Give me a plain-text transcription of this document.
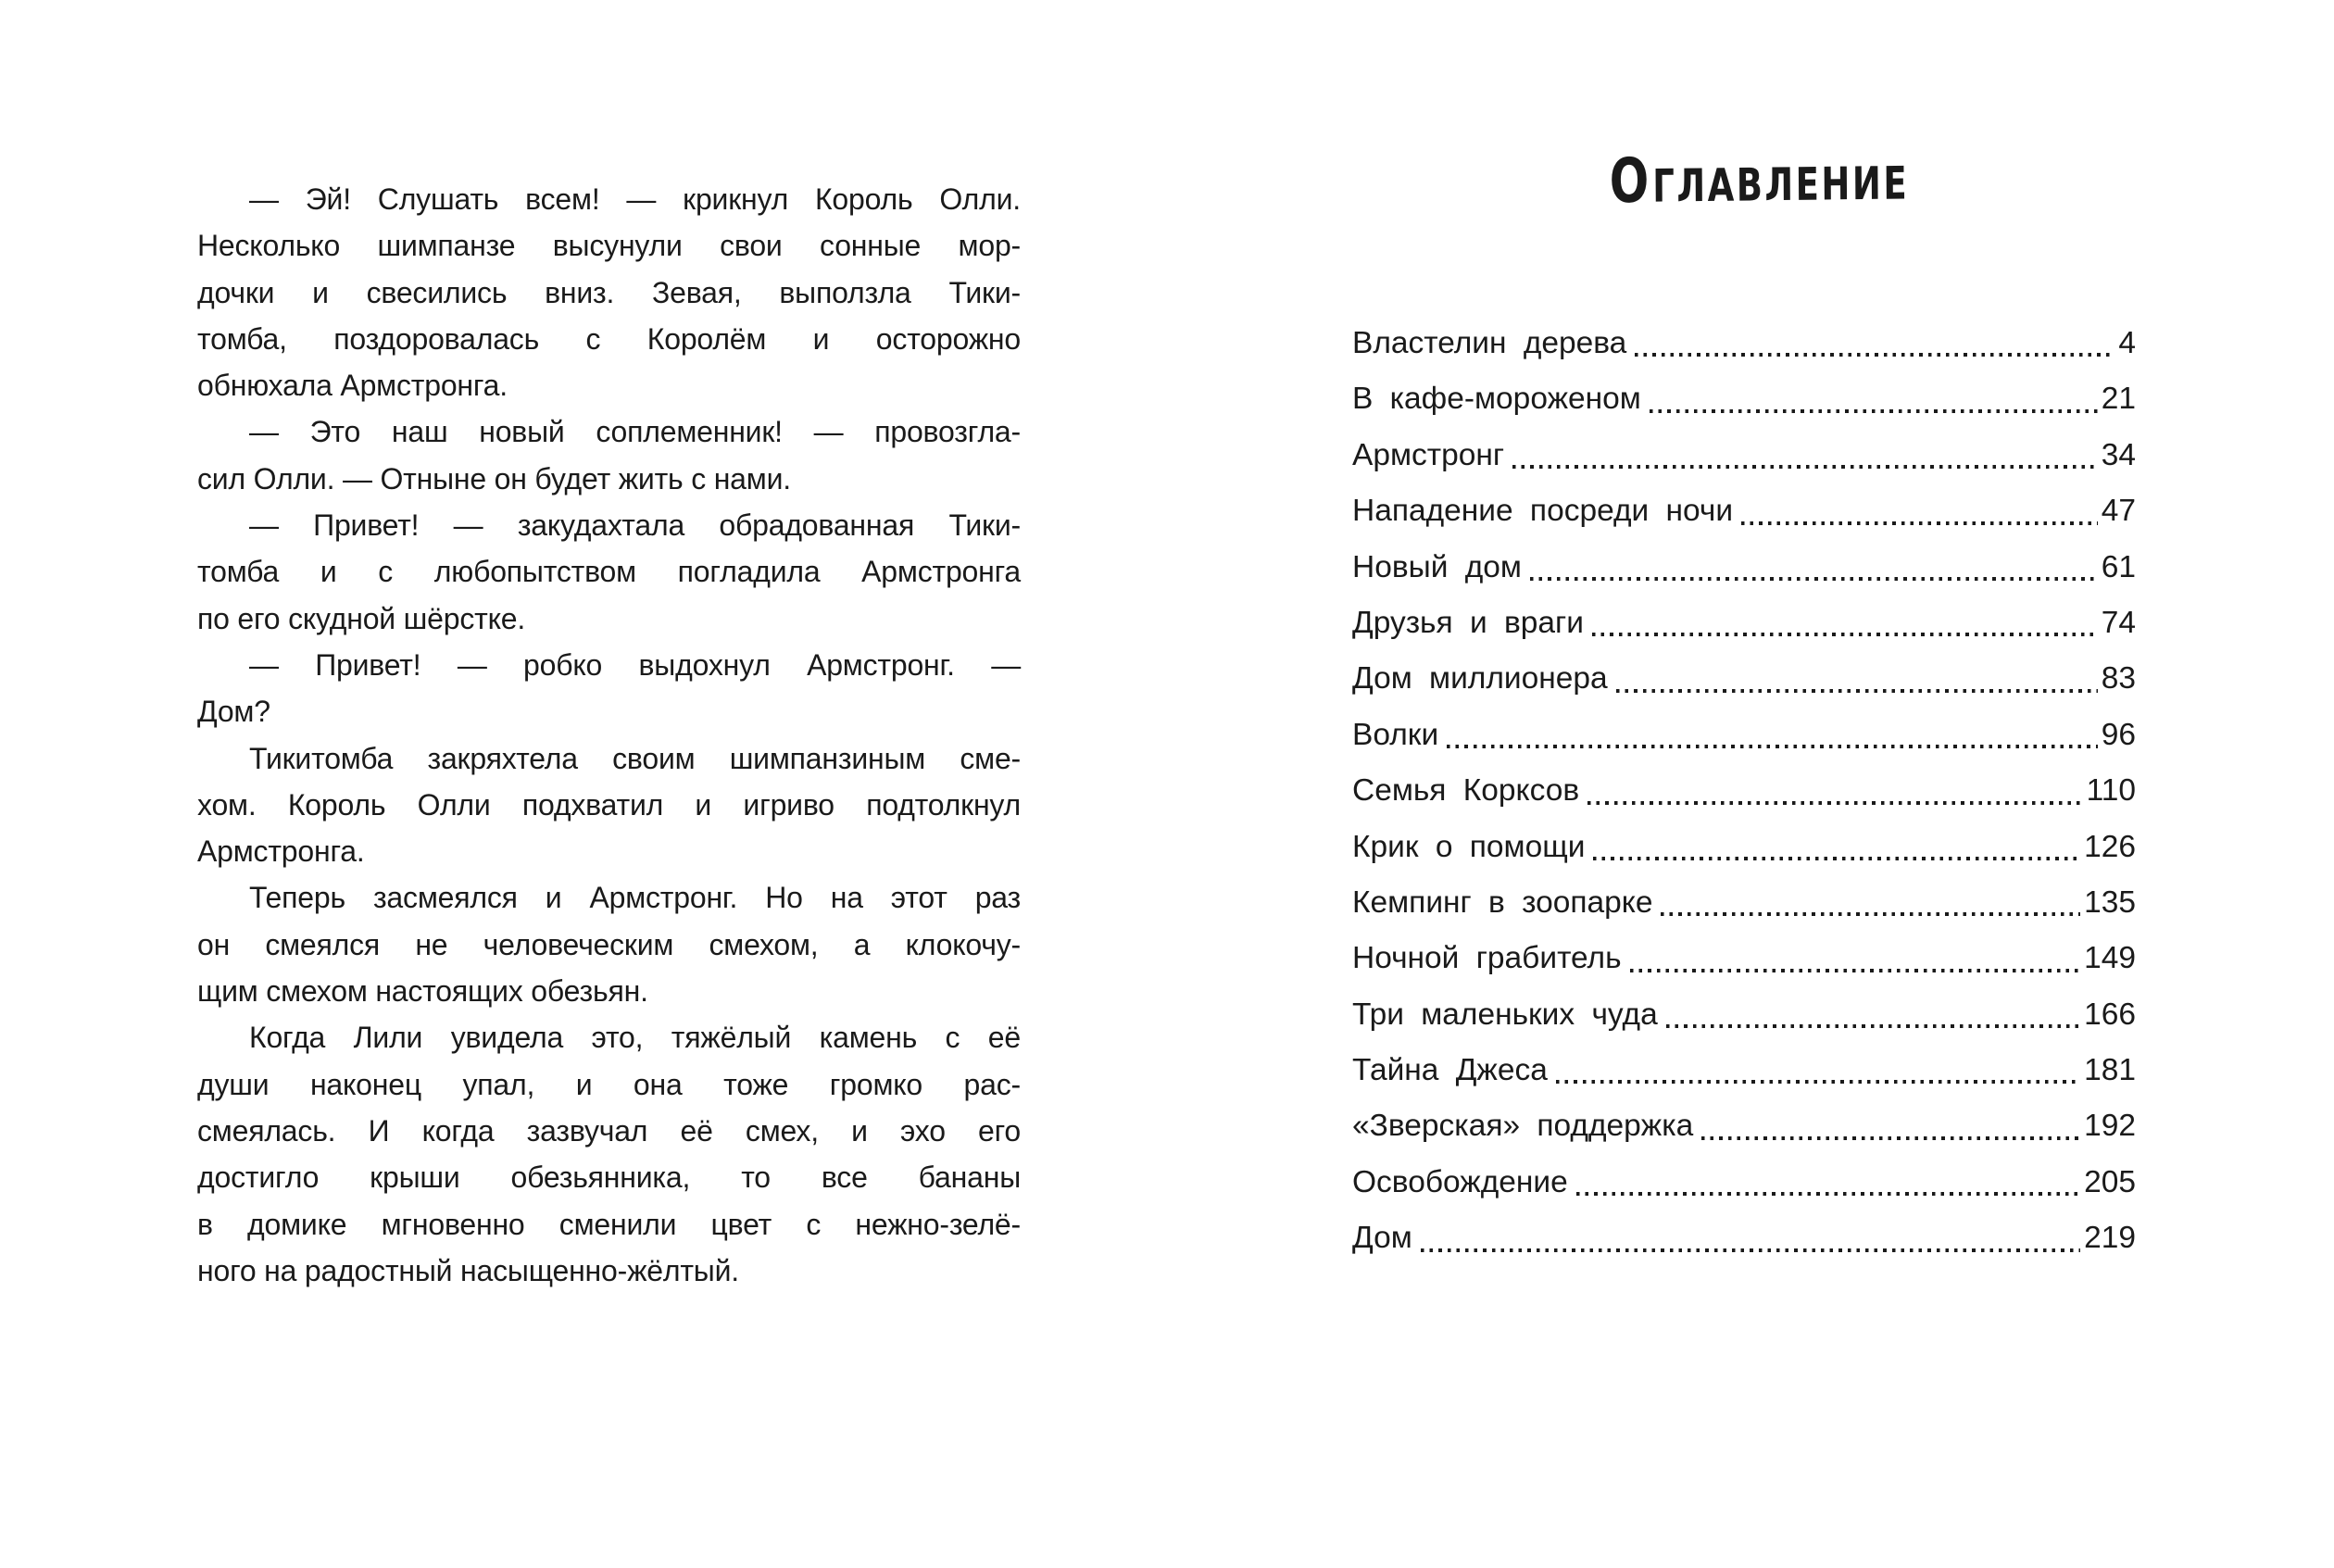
— Эй! Слушать всем! — крикнул Король Олли.
Несколько шимпанзе высунули свои сонные мор-
дочки и свесились вниз. Зевая, выползла Тики-
томба, поздоровалась с Королём и осторожно
обнюхала Армстронга.
— Это наш новый соплеменник! — провозгла-
сил Олли. — Отныне он будет жить с нами.
— Привет! — закудахтала обрадованная Тики-
томба и с любопытством погладила Армстронга
по его скудной шёрстке.
— Привет! — робко выдохнул Армстронг. —
Дом?
Тикитомба закряхтела своим шимпанзиным сме-
хом. Король Олли подхватил и игриво подтолкнул
Армстронга.
Теперь засмеялся и Армстронг. Но на этот раз
он смеялся не человеческим смехом, а клокочу-
щим смехом настоящих обезьян.
Когда Лили увидела это, тяжёлый камень с её
души наконец упал, и она тоже громко рас-
смеялась. И когда зазвучал её смех, и эхо его
достигло крыши обезьянника, то все бананы
в домике мгновенно сменили цвет с нежно-зелё-
ного на радостный насыщенно-жёлтый.
ОГЛАВЛЕНИЕ
Властелин дерева	4
В кафе-мороженом	21
Армстронг	34
Нападение посреди ночи	47
Новый дом	61
Друзья и враги	74
Дом миллионера	83
Волки	96
Семья Корксов	110
Крик о помощи	126
Кемпинг в зоопарке	135
Ночной грабитель	149
Три маленьких чуда	166
Тайна Джеса	181
«Зверская» поддержка	192
Освобождение	205
Дом	219
